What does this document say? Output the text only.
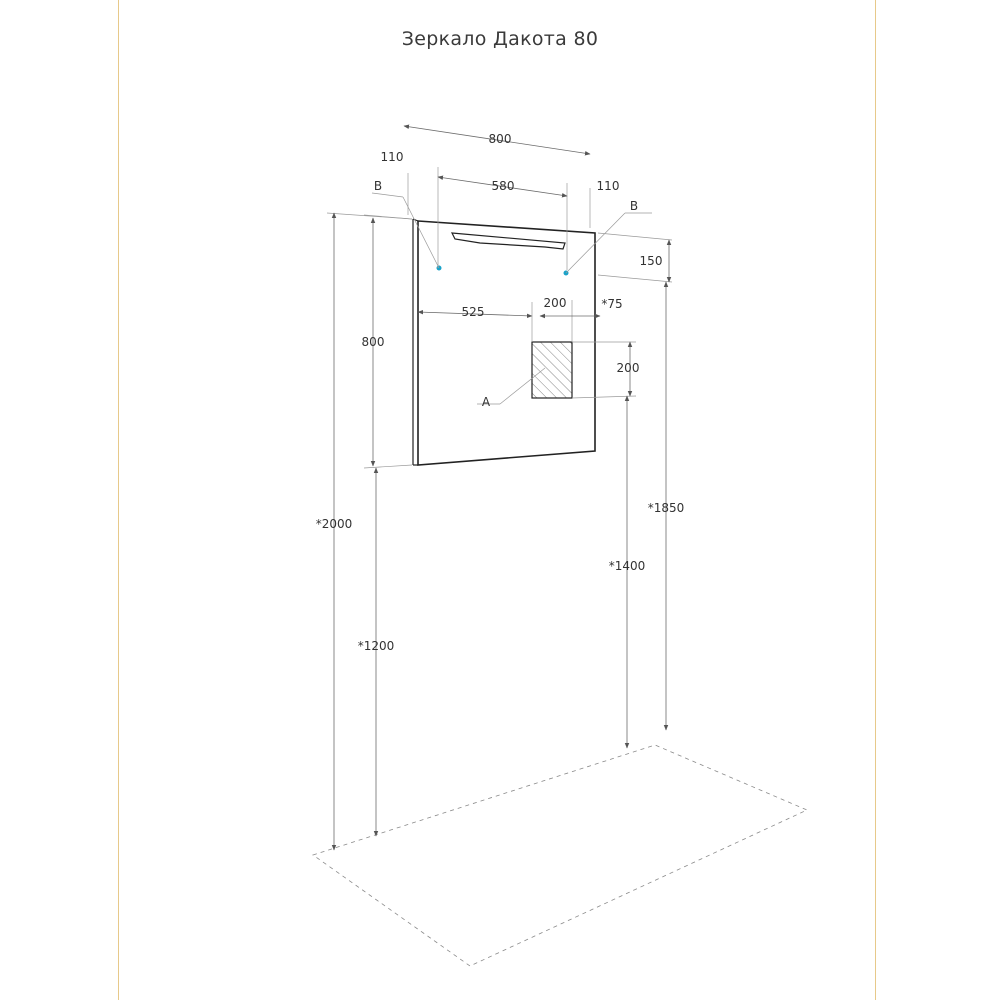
Зеркало Дакота 80
800
580
110
110
B
B
150
525
200	*75
200
A
800
*2000
*1200
*1400
*1850
